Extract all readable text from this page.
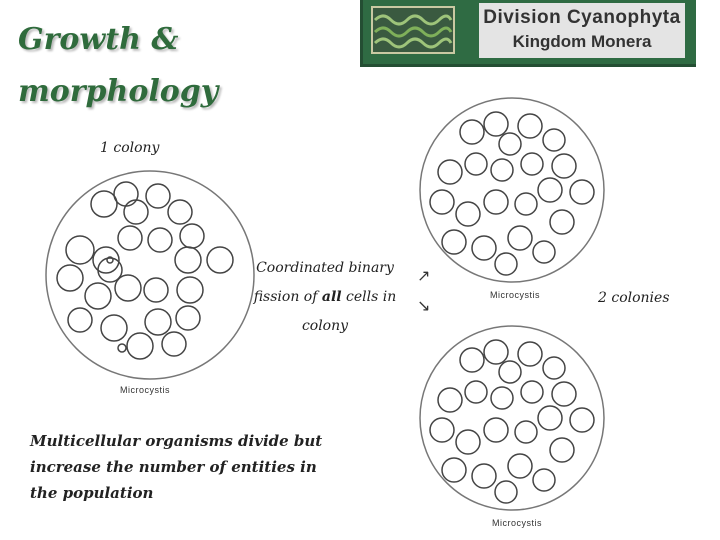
Growth & morphology
Division Cyanophyta
Kingdom Monera
1 colony
Microcystis
Coordinated binary fission of all cells in colony
↗
↘
Microcystis
Microcystis
2 colonies
Multicellular organisms divide but increase the number of entities in the population
